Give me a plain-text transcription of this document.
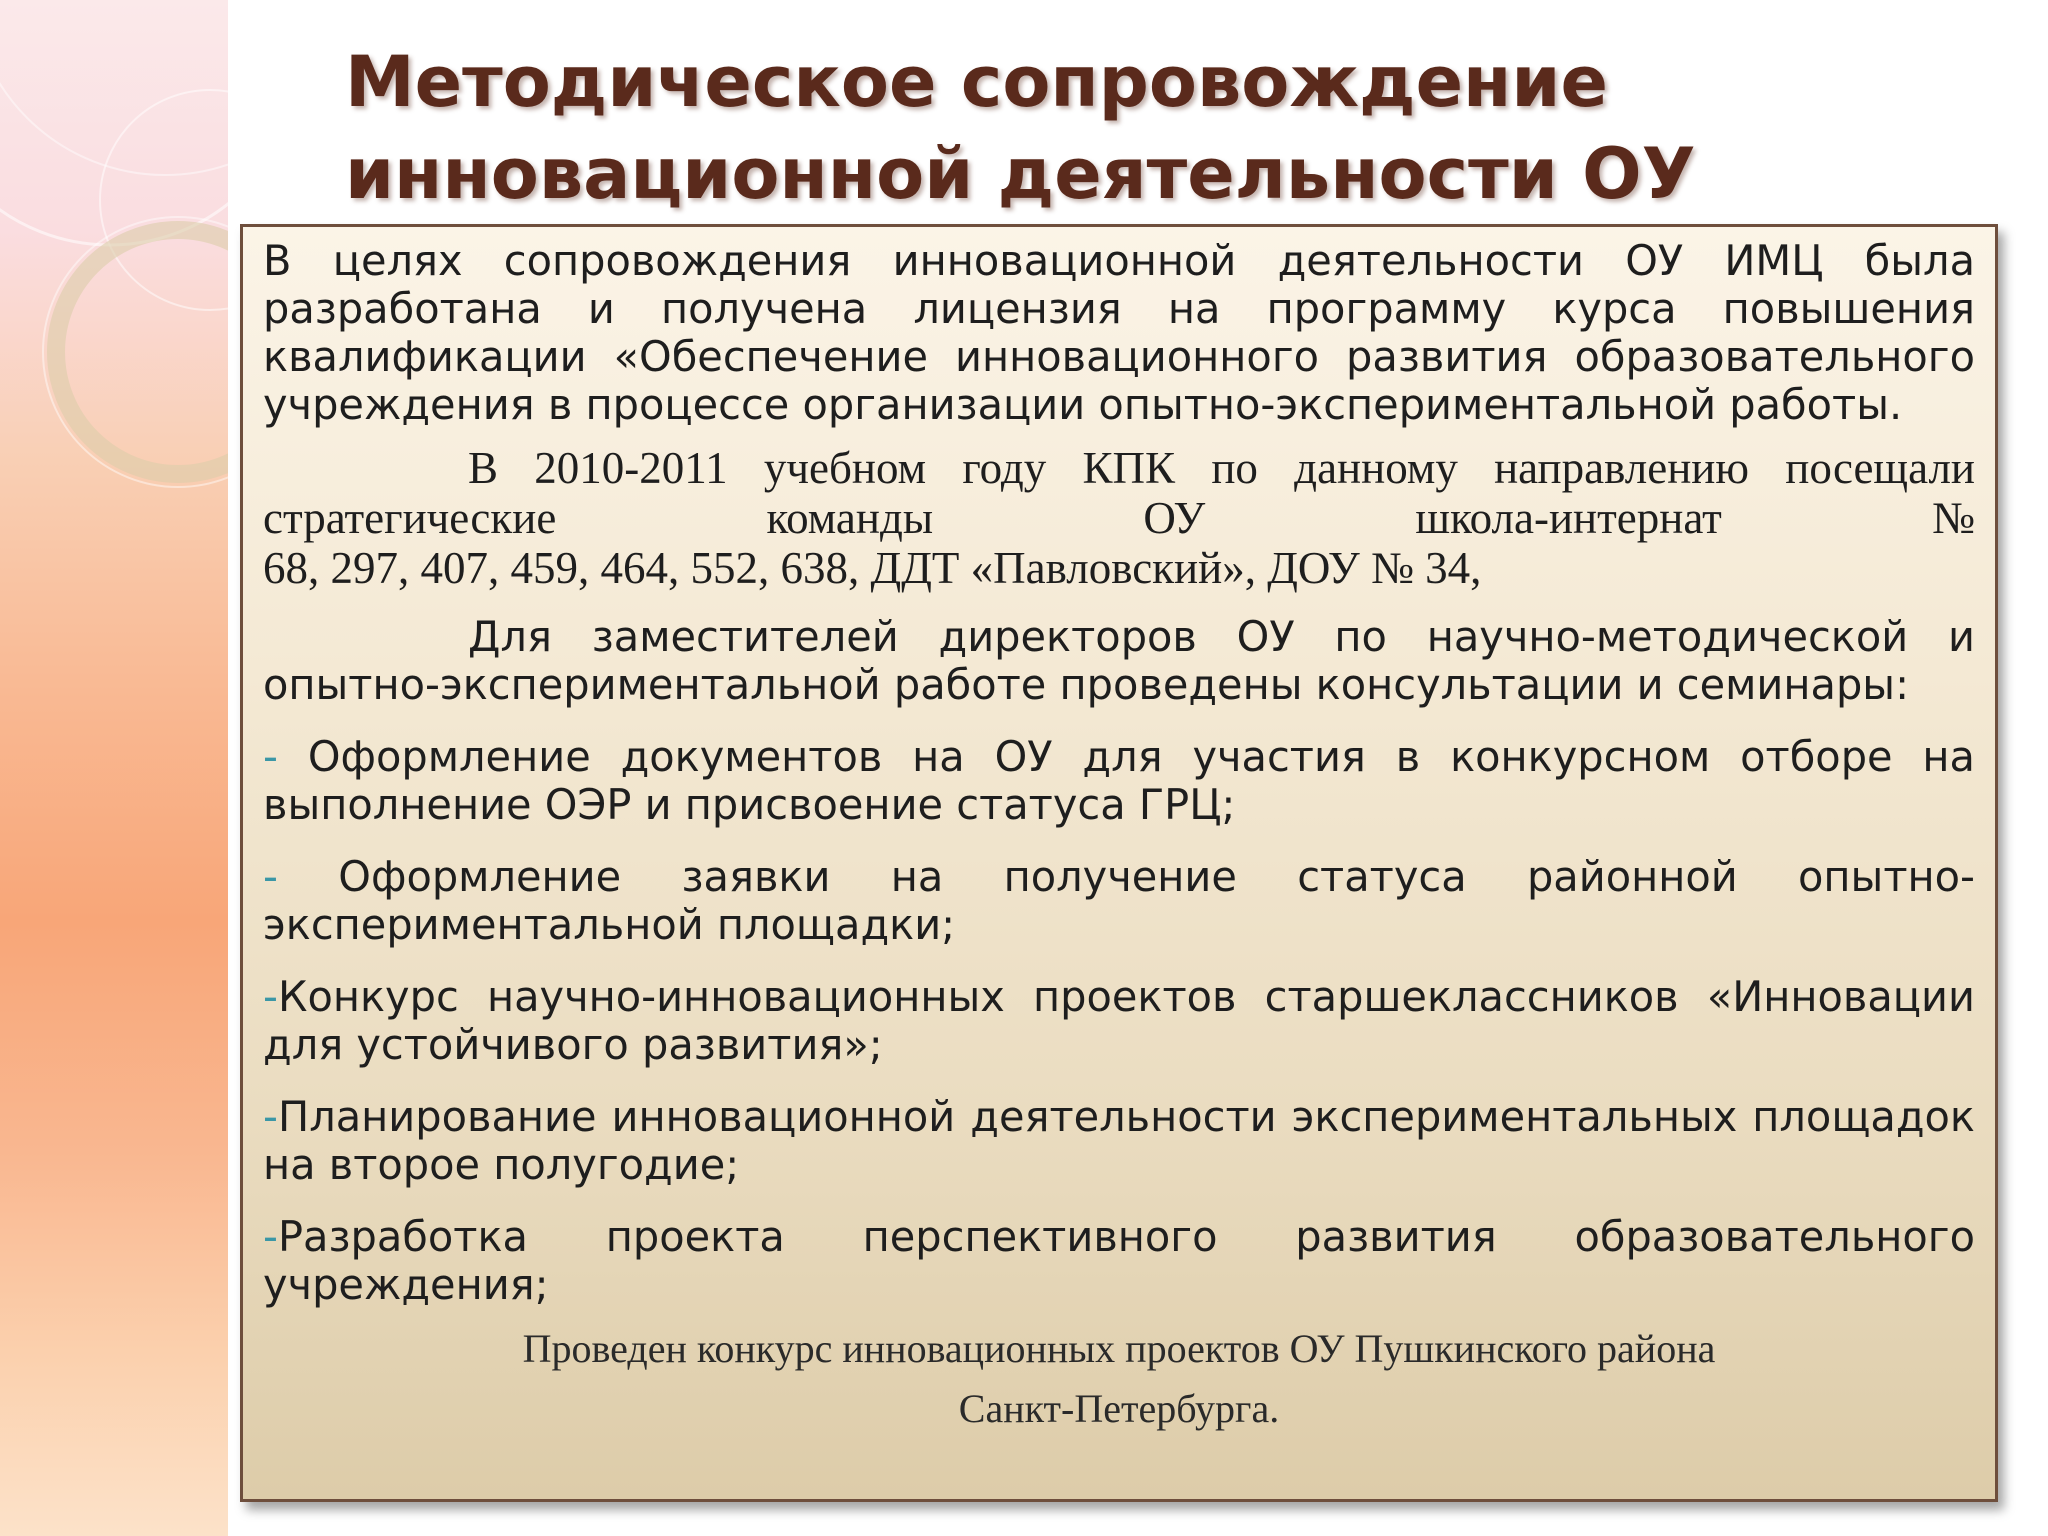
Методическое сопровождение
инновационной деятельности ОУ

В целях сопровождения инновационной деятельности ОУ ИМЦ была разработана и получена лицензия на программу курса повышения квалификации «Обеспечение инновационного развития образовательного учреждения в процессе организации опытно-экспериментальной работы.

В 2010-2011 учебном году КПК по данному направлению посещали

стратегические команды ОУ школа-интернат №

68, 297, 407, 459, 464, 552, 638, ДДТ «Павловский», ДОУ № 34,

Для заместителей директоров ОУ по научно-методической и опытно-экспериментальной работе проведены консультации и семинары:

- Оформление документов на ОУ для участия в конкурсном отборе на выполнение ОЭР и присвоение статуса ГРЦ;

- Оформление заявки на получение статуса районной опытно-экспериментальной площадки;

-Конкурс научно-инновационных проектов старшеклассников «Инновации для устойчивого развития»;

-Планирование инновационной деятельности экспериментальных площадок на второе полугодие;

-Разработка проекта перспективного развития образовательного учреждения;

Проведен конкурс инновационных проектов ОУ Пушкинского района

Санкт-Петербурга.
